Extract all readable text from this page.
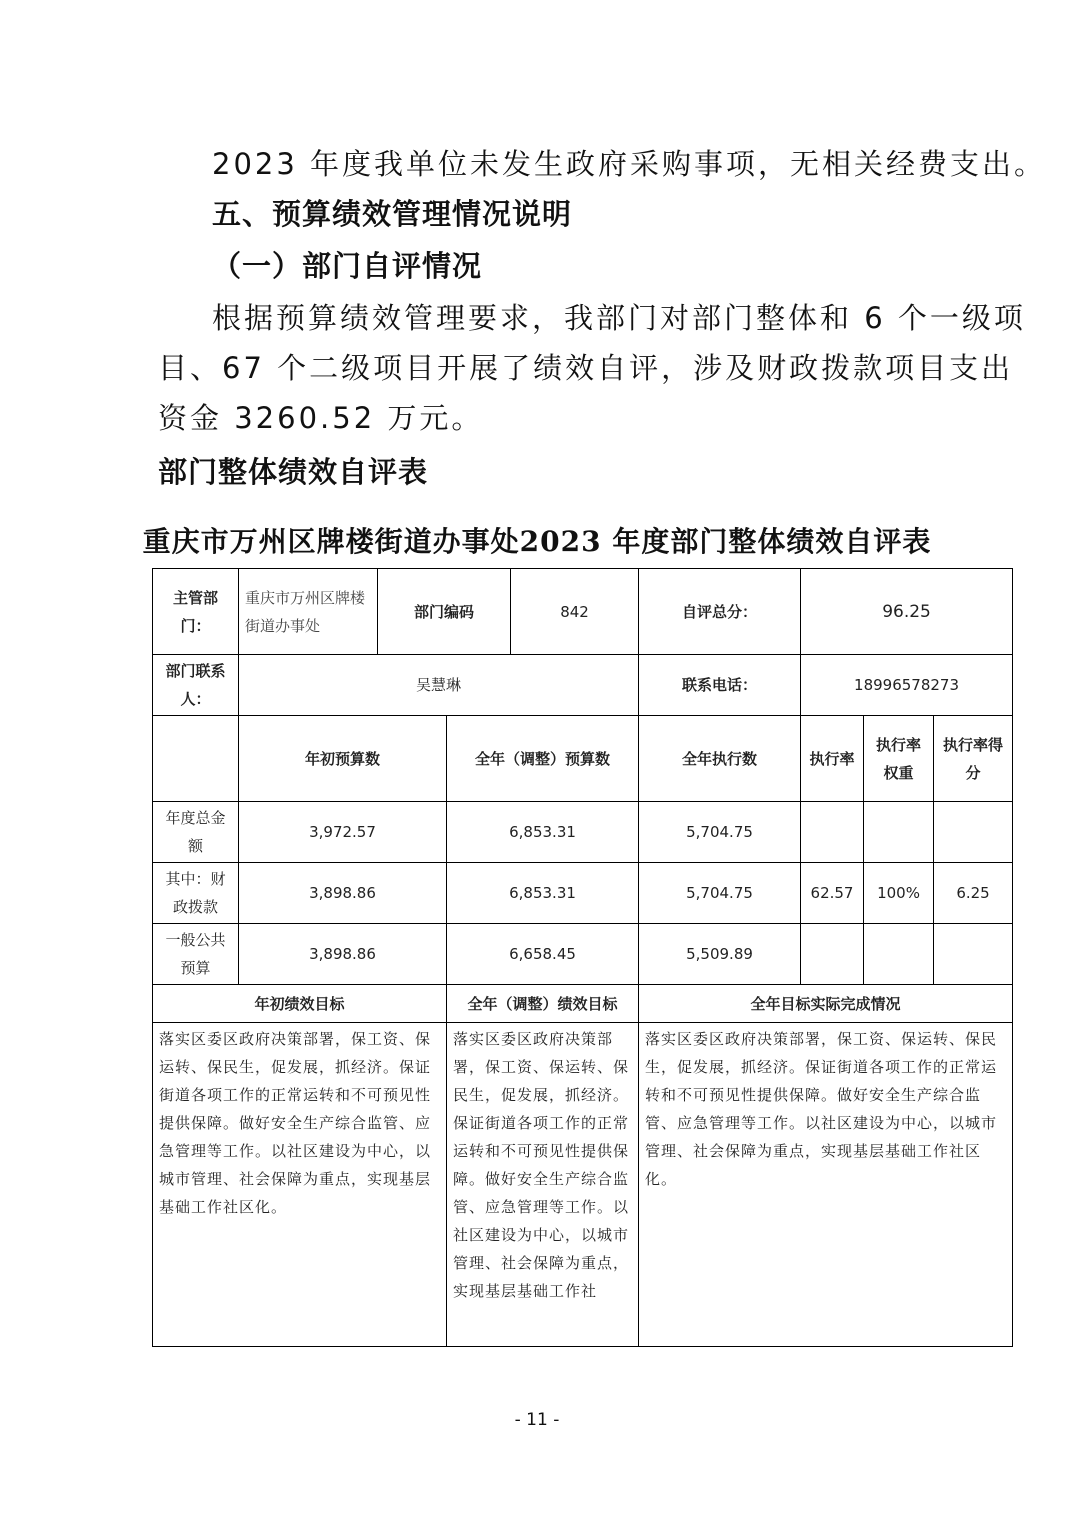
2023 年度我单位未发生政府采购事项，无相关经费支出。

五、预算绩效管理情况说明

（一）部门自评情况

根据预算绩效管理要求，我部门对部门整体和 6 个一级项

目、67 个二级项目开展了绩效自评，涉及财政拨款项目支出

资金 3260.52 万元。

部门整体绩效自评表

重庆市万州区牌楼街道办事处2023 年度部门整体绩效自评表
主管部门：	重庆市万州区牌楼街道办事处	部门编码		842	自评总分：	96.25		
部门联系人：	吴慧琳				联系电话：	18996578273		
	年初预算数		全年（调整）预算数		全年执行数	执行率	执行率权重	执行率得分
年度总金额	3,972.57		6,853.31		5,704.75			
其中：财政拨款	3,898.86		6,853.31		5,704.75	62.57	100%	6.25
一般公共预算	3,898.86		6,658.45		5,509.89			
年初绩效目标			全年（调整）绩效目标		全年目标实际完成情况			
落实区委区政府决策部署，保工资、保运转、保民生，促发展，抓经济。保证街道各项工作的正常运转和不可预见性提供保障。做好安全生产综合监管、应急管理等工作。以社区建设为中心，以城市管理、社会保障为重点，实现基层基础工作社区化。			落实区委区政府决策部署，保工资、保运转、保民生，促发展，抓经济。保证街道各项工作的正常运转和不可预见性提供保障。做好安全生产综合监管、应急管理等工作。以社区建设为中心，以城市管理、社会保障为重点，实现基层基础工作社		落实区委区政府决策部署，保工资、保运转、保民生，促发展，抓经济。保证街道各项工作的正常运转和不可预见性提供保障。做好安全生产综合监管、应急管理等工作。以社区建设为中心，以城市管理、社会保障为重点，实现基层基础工作社区化。			
- 11 -
